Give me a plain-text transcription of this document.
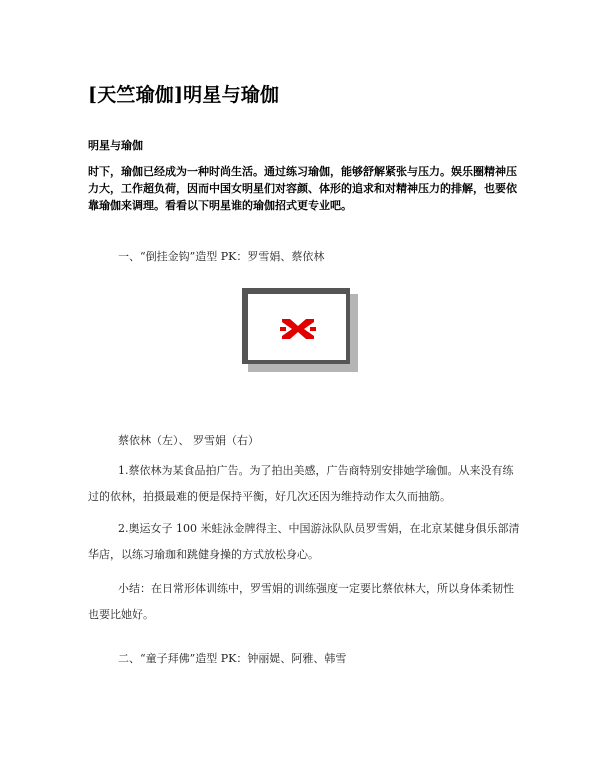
[天竺瑜伽]明星与瑜伽
明星与瑜伽
时下，瑜伽已经成为一种时尚生活。通过练习瑜伽，能够舒解紧张与压力。娱乐圈精神压力大，工作超负荷，因而中国女明星们对容颜、体形的追求和对精神压力的排解，也要依靠瑜伽来调理。看看以下明星谁的瑜伽招式更专业吧。
一、“倒挂金钩”造型 PK：罗雪娟、蔡依林
蔡依林（左）、 罗雪娟（右）
1.蔡依林为某食品拍广告。为了拍出美感，广告商特别安排她学瑜伽。从来没有练过的依林，拍摄最难的便是保持平衡，好几次还因为维持动作太久而抽筋。
2.奥运女子 100 米蛙泳金牌得主、中国游泳队队员罗雪娟，在北京某健身俱乐部清华店，以练习瑜珈和跳健身操的方式放松身心。
小结：在日常形体训练中，罗雪娟的训练强度一定要比蔡依林大，所以身体柔韧性也要比她好。
二、“童子拜佛”造型 PK：钟丽媞、阿雅、韩雪
